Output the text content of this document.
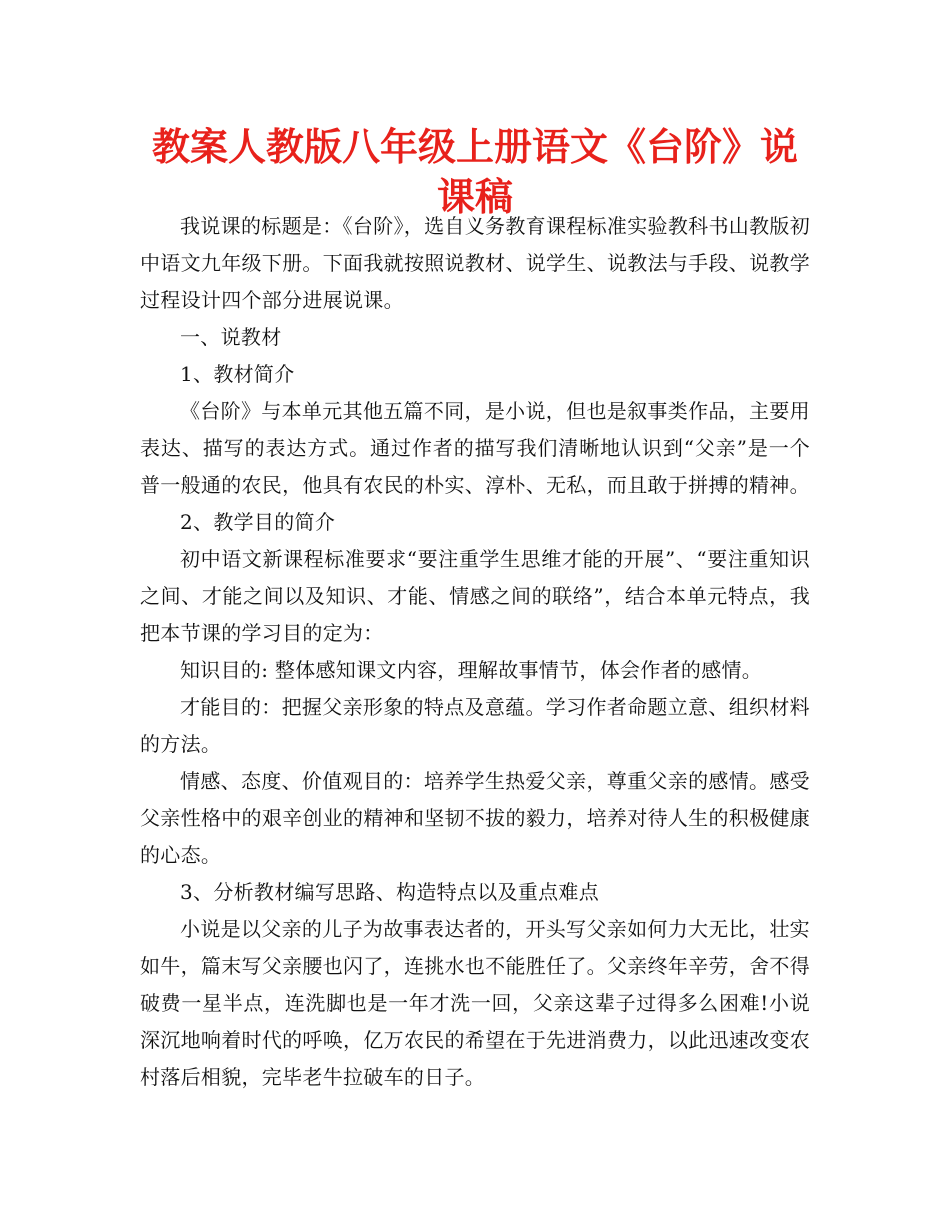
教案人教版八年级上册语文《台阶》说课稿

我说课的标题是：《台阶》，选自义务教育课程标准实验教科书山教版初中语文九年级下册。下面我就按照说教材、说学生、说教法与手段、说教学过程设计四个部分进展说课。

一、说教材

1、教材简介

《台阶》与本单元其他五篇不同，是小说，但也是叙事类作品，主要用表达、描写的表达方式。通过作者的描写我们清晰地认识到“父亲”是一个普一般通的农民，他具有农民的朴实、淳朴、无私，而且敢于拼搏的精神。

2、教学目的简介

初中语文新课程标准要求“要注重学生思维才能的开展”、“要注重知识之间、才能之间以及知识、才能、情感之间的联络”，结合本单元特点，我把本节课的学习目的定为：

知识目的: 整体感知课文内容，理解故事情节，体会作者的感情。

才能目的：把握父亲形象的特点及意蕴。学习作者命题立意、组织材料的方法。

情感、态度、价值观目的：培养学生热爱父亲，尊重父亲的感情。感受父亲性格中的艰辛创业的精神和坚韧不拔的毅力，培养对待人生的积极健康的心态。

3、分析教材编写思路、构造特点以及重点难点

小说是以父亲的儿子为故事表达者的，开头写父亲如何力大无比，壮实如牛，篇末写父亲腰也闪了，连挑水也不能胜任了。父亲终年辛劳，舍不得破费一星半点，连洗脚也是一年才洗一回，父亲这辈子过得多么困难!小说深沉地响着时代的呼唤，亿万农民的希望在于先进消费力，以此迅速改变农村落后相貌，完毕老牛拉破车的日子。
